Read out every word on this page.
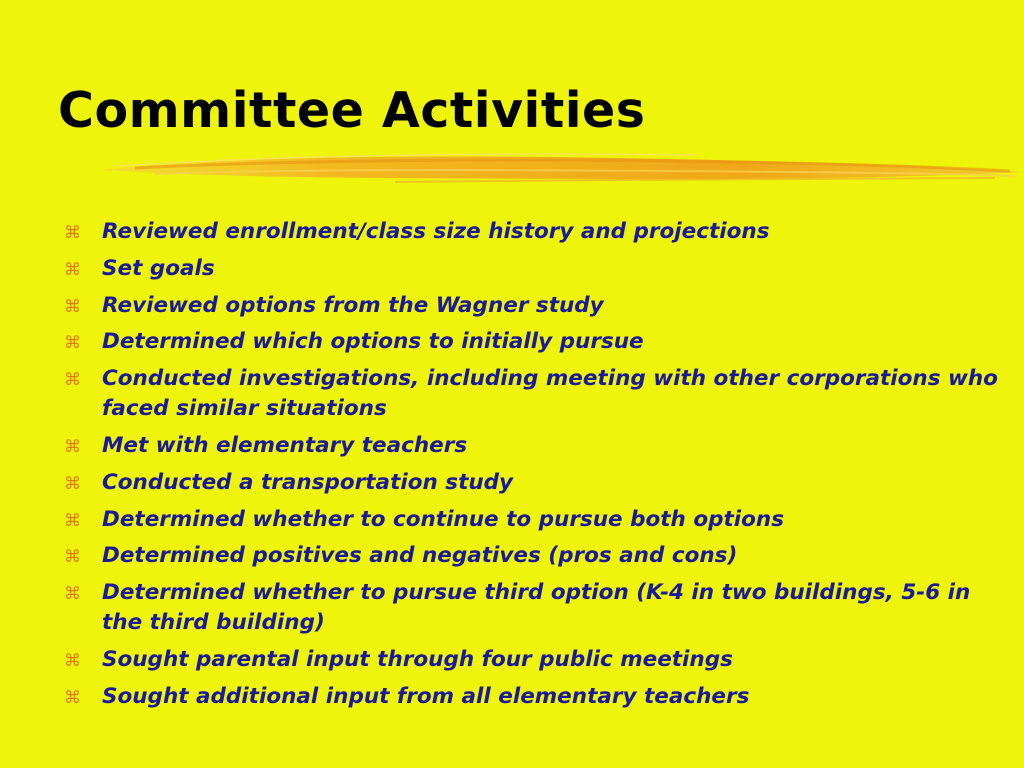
Committee Activities
⌘ Reviewed enrollment/class size history and projections
⌘ Set goals
⌘ Reviewed options from the Wagner study
⌘ Determined which options to initially pursue
⌘ Conducted investigations, including meeting with other corporations who faced similar situations
⌘ Met with elementary teachers
⌘ Conducted a transportation study
⌘ Determined whether to continue to pursue both options
⌘ Determined positives and negatives (pros and cons)
⌘ Determined whether to pursue third option (K-4 in two buildings, 5-6 in the third building)
⌘ Sought parental input through four public meetings
⌘ Sought additional input from all elementary teachers
